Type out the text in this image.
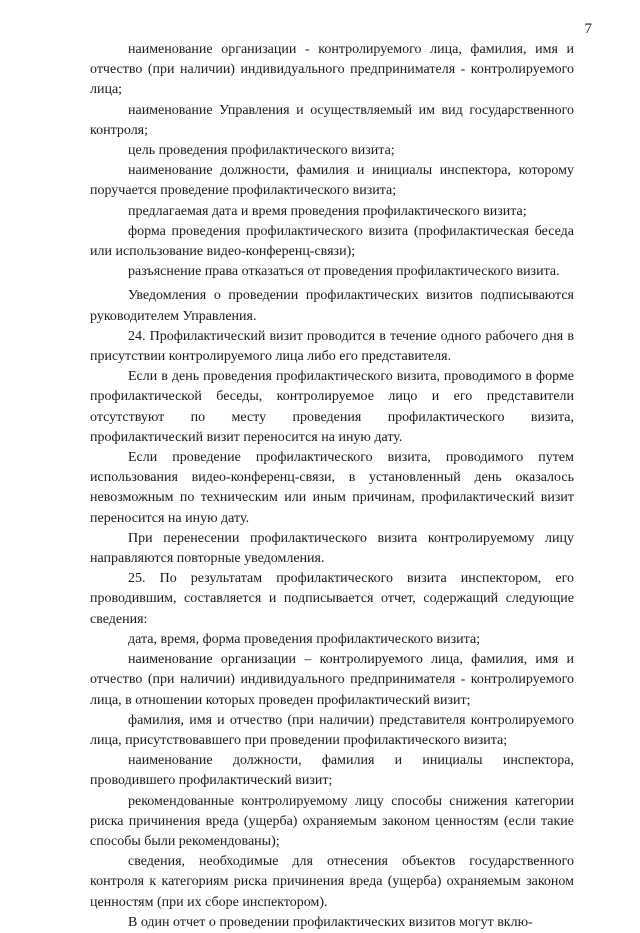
7

наименование организации - контролируемого лица, фамилия, имя и отчество (при наличии) индивидуального предпринимателя - контролируемого лица;

наименование Управления и осуществляемый им вид государственного контроля;

цель проведения профилактического визита;

наименование должности, фамилия и инициалы инспектора, которому поручается проведение профилактического визита;

предлагаемая дата и время проведения профилактического визита;

форма проведения профилактического визита (профилактическая беседа или использование видео-конференц-связи);

разъяснение права отказаться от проведения профилактического визита.

Уведомления о проведении профилактических визитов подписываются руководителем Управления.

24. Профилактический визит проводится в течение одного рабочего дня в присутствии контролируемого лица либо его представителя.

Если в день проведения профилактического визита, проводимого в форме профилактической беседы, контролируемое лицо и его представители отсутствуют по месту проведения профилактического визита, профилактический визит переносится на иную дату.

Если проведение профилактического визита, проводимого путем использования видео-конференц-связи, в установленный день оказалось невозможным по техническим или иным причинам, профилактический визит переносится на иную дату.

При перенесении профилактического визита контролируемому лицу направляются повторные уведомления.

25. По результатам профилактического визита инспектором, его проводившим, составляется и подписывается отчет, содержащий следующие сведения:

дата, время, форма проведения профилактического визита;

наименование организации – контролируемого лица, фамилия, имя и отчество (при наличии) индивидуального предпринимателя - контролируемого лица, в отношении которых проведен профилактический визит;

фамилия, имя и отчество (при наличии) представителя контролируемого лица, присутствовавшего при проведении профилактического визита;

наименование должности, фамилия и инициалы инспектора, проводившего профилактический визит;

рекомендованные контролируемому лицу способы снижения категории риска причинения вреда (ущерба) охраняемым законом ценностям (если такие способы были рекомендованы);

сведения, необходимые для отнесения объектов государственного контроля к категориям риска причинения вреда (ущерба) охраняемым законом ценностям (при их сборе инспектором).

В один отчет о проведении профилактических визитов могут вклю-
